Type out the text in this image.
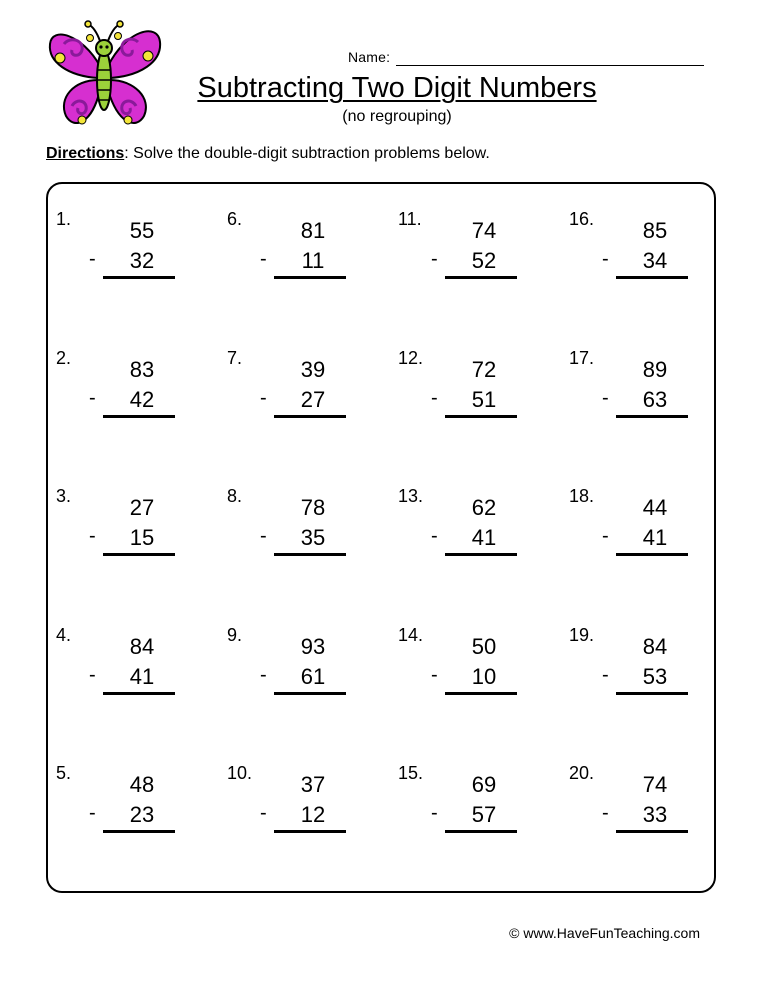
Name:
Subtracting Two Digit Numbers
(no regrouping)
Directions: Solve the double-digit subtraction problems below.
1.	55
-	32
2.	83
-	42
3.	27
-	15
4.	84
-	41
5.	48
-	23
6.	81
-	11
7.	39
-	27
8.	78
-	35
9.	93
-	61
10.	37
-	12
11.	74
-	52
12.	72
-	51
13.	62
-	41
14.	50
-	10
15.	69
-	57
16.	85
-	34
17.	89
-	63
18.	44
-	41
19.	84
-	53
20.	74
-	33
© www.HaveFunTeaching.com
